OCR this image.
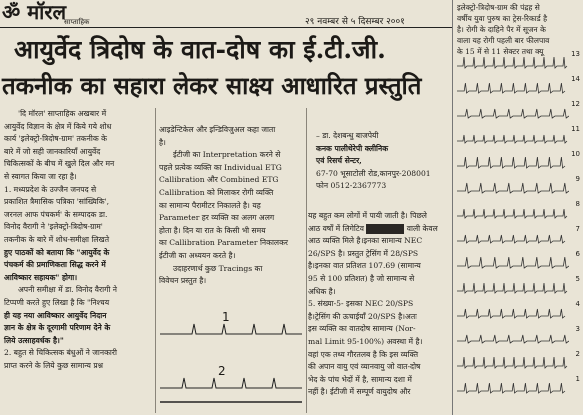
ॐ मॉरल
साप्ताहिक	२९ नवम्बर से ५ दिसम्बर २००१
आयुर्वेद त्रिदोष के वात-दोष का ई.टी.जी.
तकनीक का सहारा लेकर साक्ष्य आधारित प्रस्तुति

'दि मॉरल' साप्ताहिक अखबार में

आयुर्वेद विज्ञान के क्षेत्र में किये गये शोध

कार्य 'इलेक्ट्रो-त्रिदोष-ग्राम' तकनीक के

बारे में जो सही जानकारियाँ आयुर्वेद

चिकित्सकों के बीच में खुले दिल और मन

से स्वागत किया जा रहा है।

1. मध्यप्रदेश के उज्जैन जनपद से

प्रकाशित त्रैमासिक पत्रिका 'सांख्यिकि',

जरनल आफ पंचकर्म' के सम्पादक डा.

विनोद वैरागी ने 'इलेक्ट्रो-त्रिदोष-ग्राम'

तकनीक के बारे में शोध-समीक्षा लिखते

हुए पाठकों को बताया कि "आयुर्वेद के

पंचकर्म की प्रमाणिकता सिद्ध करने में

आविष्कार सहायक" होगा।

अपनी समीक्षा में डा. विनोद वैरागी ने

टिप्पणी करते हुए लिखा है कि "निश्चय

ही यह नया आविष्कार आयुर्वेद निदान

ज्ञान के क्षेत्र के दूरगामी परिणाम देने के

लिये उत्साहवर्धक है।"

2. बहुत से चिकित्सक बंधुओं ने जानकारी

प्राप्त करने के लिये कुछ सामान्य प्रश्न

आइडेन्टिकेल और इन्डिविजुअल कहा जाता

है।

ईटीजी का Interpretation करने से

पहले प्रत्येक व्यक्ति का Individual ETG

Callibration और Combined ETG

Callibration को मिलाकर रोगी व्यक्ति

का सामान्य पैरामीटर निकालते है। यह

Parameter हर व्यक्ति का अलग अलग

होता है। दिन या रात के किसी भी समय

का Callibration Parameter निकालकर

ईटीजी का अध्ययन करते है।

उदाहरणार्थ कुछ Tracings का

विवेचन प्रस्तुत है।

– डा. देशबन्धु बाजपेयी

कनक पालीथेरेपी क्लीनिक

एवं रिसर्च सेन्टर,

67-70 भूसाटोली रोड,कानपुर-208001

फोन 0512-2367773

यह बहुत कम लोगों में पायी जाती है। पिछले

आठ वर्षों में लिगेटिव	वाली केवल

आठ व्यक्ति मिले है।इनका सामान्य NEC

26/SPS है। प्रस्तुत ट्रेसिंग में 28/SPS

है।इनका वात प्रतिशत 107.69 (सामान्य

95 से 100 प्रतिशत) है जो सामान्य से

अधिक है।

5. संख्या-5- इसका NEC 20/SPS

है।ट्रेसिंग की ऊचाईयाँ 20/SPS है।अतः

इस व्यक्ति का वातदोष सामान्य (Nor-

mal Limit 95-100%) अवस्था में है।

वहां एक तथ्य गौरतलब है कि इस व्यक्ति

की अपान वायु एवं व्यानवायु जो वात-दोष

भेद के पांच भेदों में है, सामान्य दशा में

नहीं है। ईटीजी में सम्पूर्ण वायुदोष और

1
2

इलेक्ट्रो-त्रिदोष-ग्राम की पंद्रह से

वर्षीय युवा पुरुष का ट्रेस-रिकार्ड है

है। रोगी के दाहिने पैर में सूजन के

वाला यह रोगी पहली बार फीलपाव

के 15 में से 11 सेक्टर तथा क्यू	13
14
12
11
10
9
8
7
6
5
4
3
2
1
